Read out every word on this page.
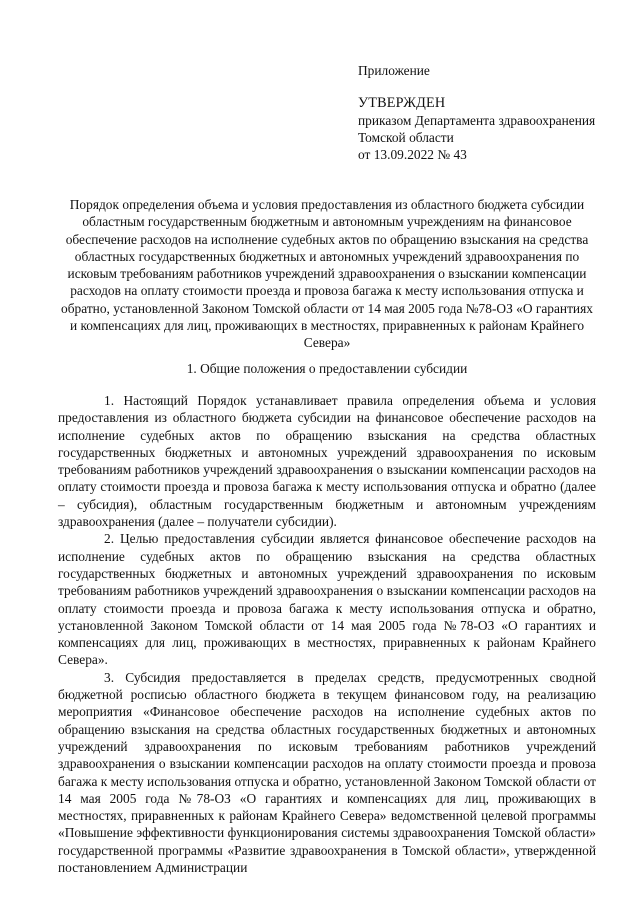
Приложение
УТВЕРЖДЕН
приказом Департамента здравоохранения
Томской области
от 13.09.2022 № 43
Порядок определения объема и условия предоставления из областного бюджета субсидии областным государственным бюджетным и автономным учреждениям на финансовое обеспечение расходов на исполнение судебных актов по обращению взыскания на средства областных государственных бюджетных и автономных учреждений здравоохранения по исковым требованиям работников учреждений здравоохранения о взыскании компенсации расходов на оплату стоимости проезда и провоза багажа к месту использования отпуска и обратно, установленной Законом Томской области от 14 мая 2005 года №78-ОЗ «О гарантиях и компенсациях для лиц, проживающих в местностях, приравненных к районам Крайнего Севера»
1. Общие положения о предоставлении субсидии

1. Настоящий Порядок устанавливает правила определения объема и условия предоставления из областного бюджета субсидии на финансовое обеспечение расходов на исполнение судебных актов по обращению взыскания на средства областных государственных бюджетных и автономных учреждений здравоохранения по исковым требованиям работников учреждений здравоохранения о взыскании компенсации расходов на оплату стоимости проезда и провоза багажа к месту использования отпуска и обратно (далее – субсидия), областным государственным бюджетным и автономным учреждениям здравоохранения (далее – получатели субсидии).

2. Целью предоставления субсидии является финансовое обеспечение расходов на исполнение судебных актов по обращению взыскания на средства областных государственных бюджетных и автономных учреждений здравоохранения по исковым требованиям работников учреждений здравоохранения о взыскании компенсации расходов на оплату стоимости проезда и провоза багажа к месту использования отпуска и обратно, установленной Законом Томской области от 14 мая 2005 года №78-ОЗ «О гарантиях и компенсациях для лиц, проживающих в местностях, приравненных к районам Крайнего Севера».

3. Субсидия предоставляется в пределах средств, предусмотренных сводной бюджетной росписью областного бюджета в текущем финансовом году, на реализацию мероприятия «Финансовое обеспечение расходов на исполнение судебных актов по обращению взыскания на средства областных государственных бюджетных и автономных учреждений здравоохранения по исковым требованиям работников учреждений здравоохранения о взыскании компенсации расходов на оплату стоимости проезда и провоза багажа к месту использования отпуска и обратно, установленной Законом Томской области от 14 мая 2005 года №78-ОЗ «О гарантиях и компенсациях для лиц, проживающих в местностях, приравненных к районам Крайнего Севера» ведомственной целевой программы «Повышение эффективности функционирования системы здравоохранения Томской области» государственной программы «Развитие здравоохранения в Томской области», утвержденной постановлением Администрации
